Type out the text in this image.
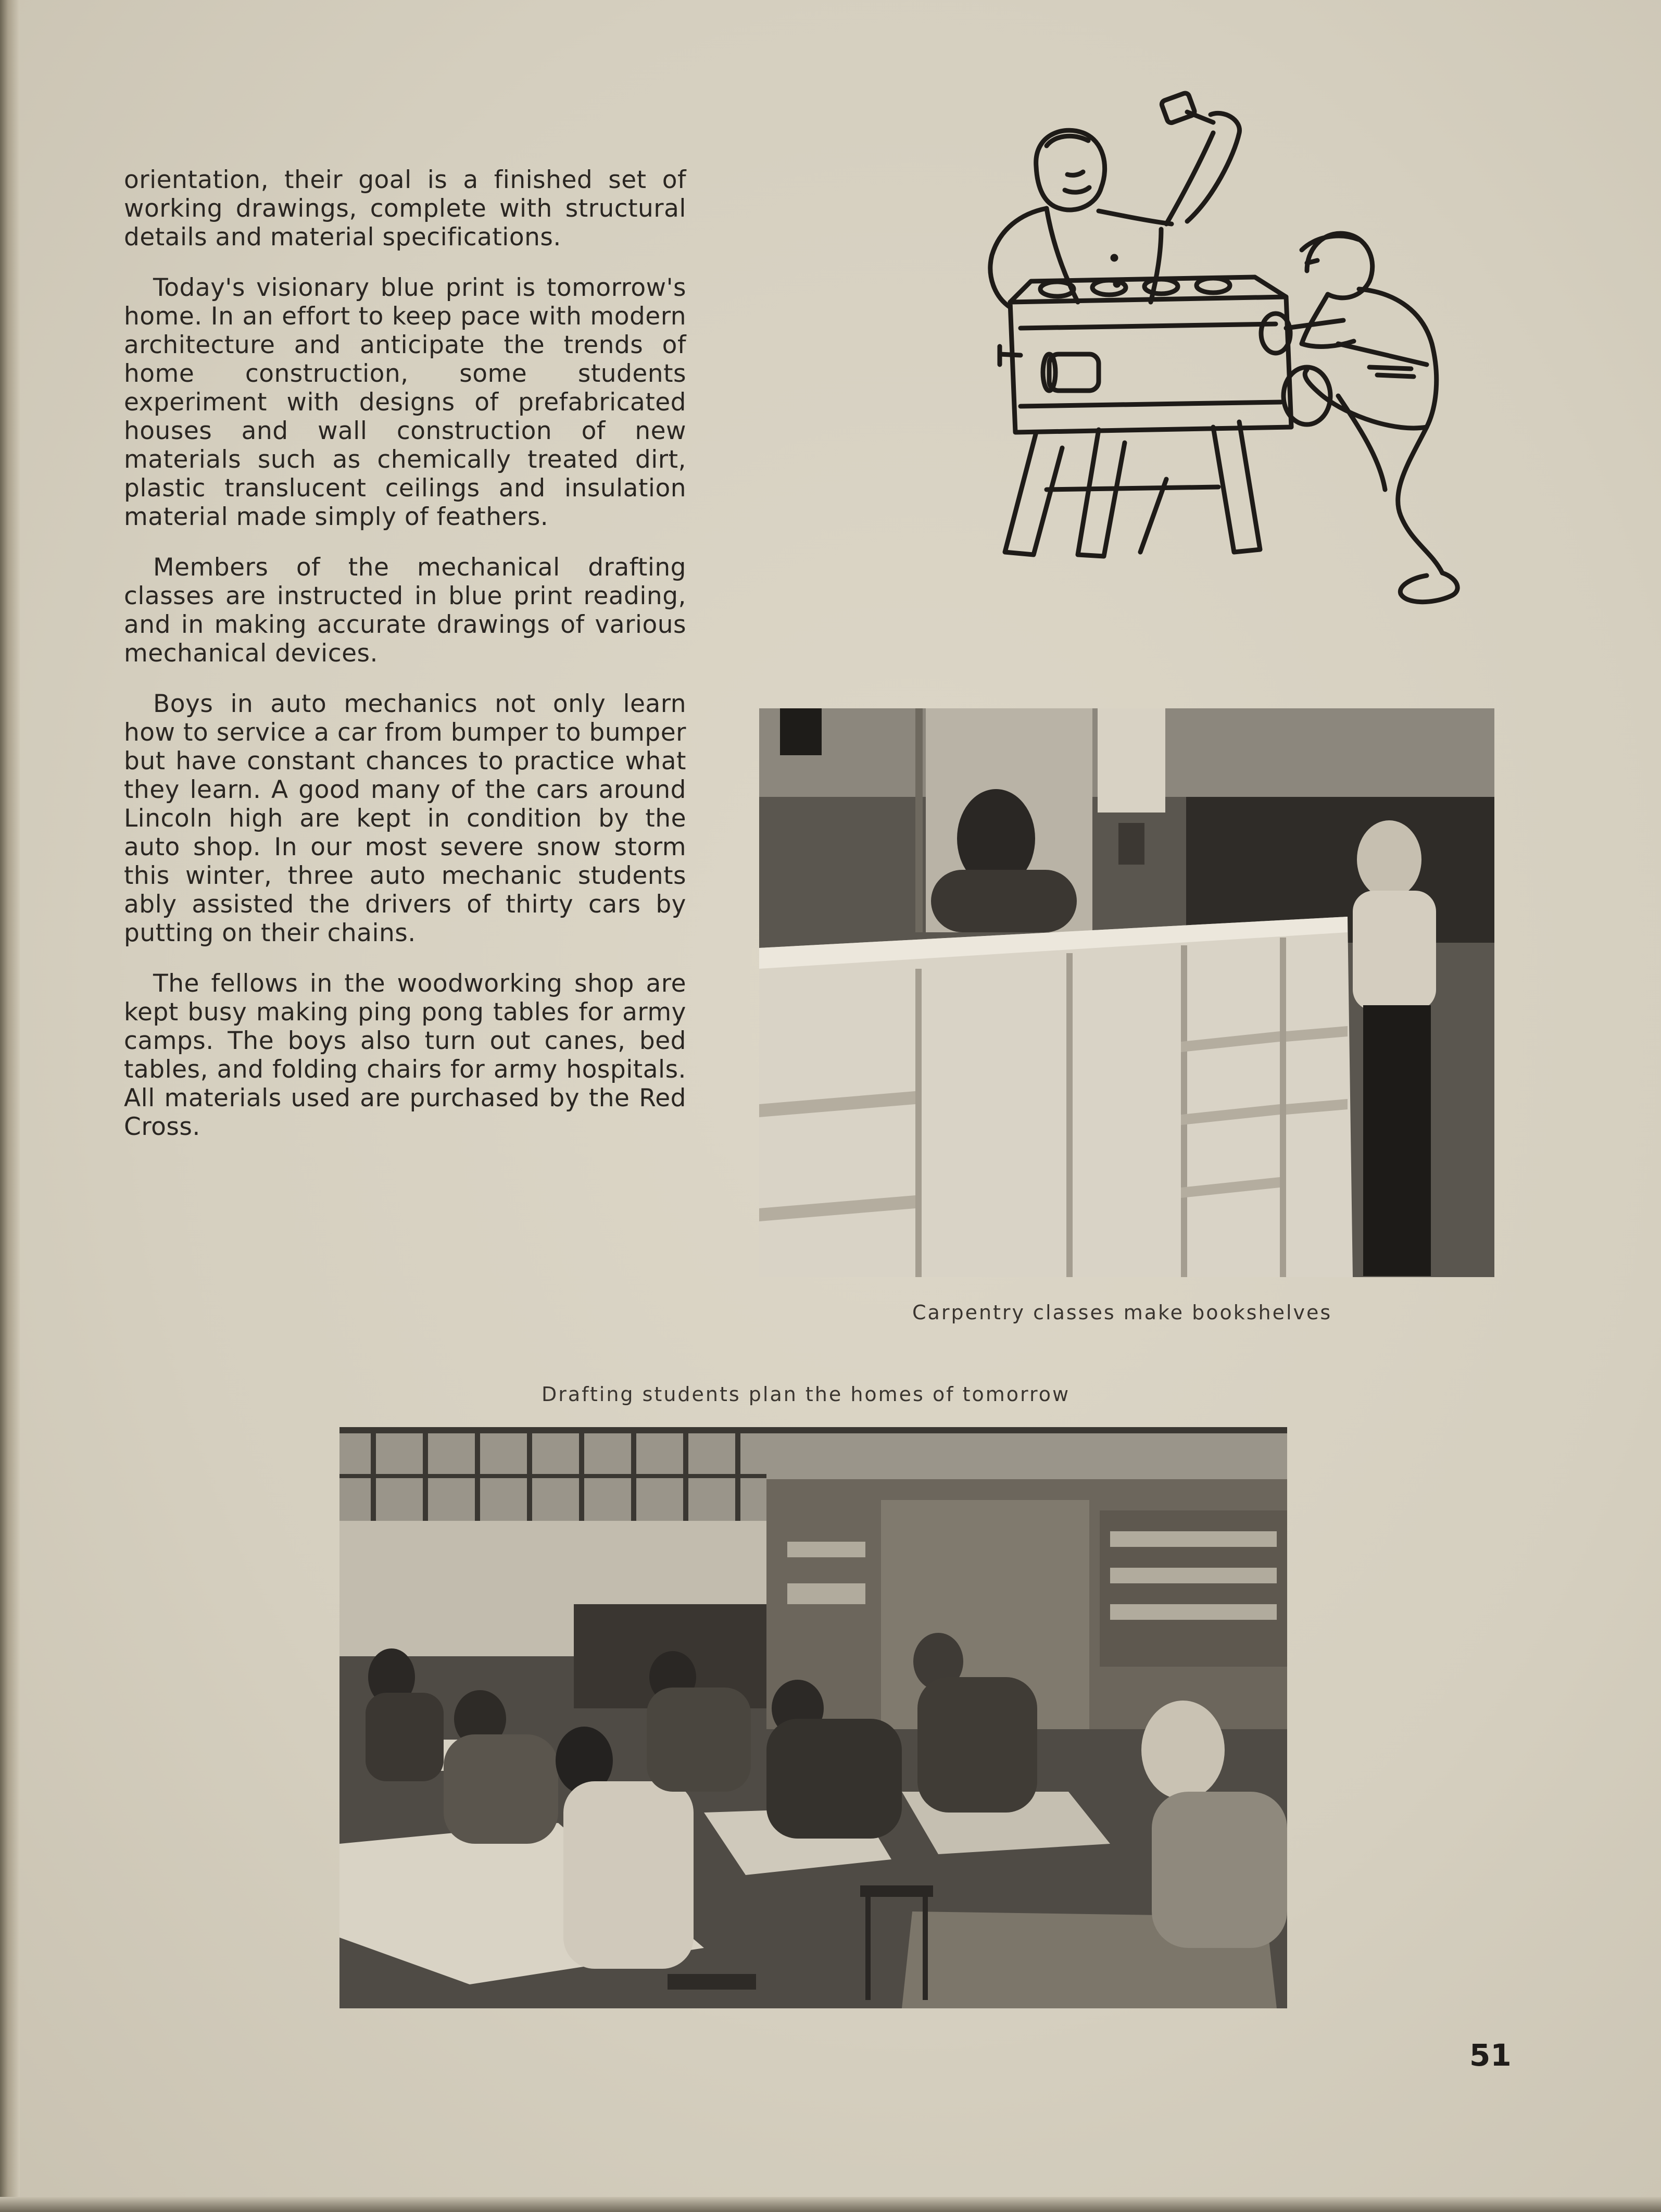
orientation, their goal is a finished set of working drawings, complete with structural details and material specifications.

Today's visionary blue print is tomorrow's home. In an effort to keep pace with modern architecture and anticipate the trends of home construction, some students experiment with designs of prefabricated houses and wall construction of new materials such as chemically treated dirt, plastic translucent ceilings and insulation material made simply of feathers.

Members of the mechanical drafting classes are instructed in blue print reading, and in making accurate drawings of various mechanical devices.

Boys in auto mechanics not only learn how to service a car from bumper to bumper but have constant chances to practice what they learn. A good many of the cars around Lincoln high are kept in condition by the auto shop. In our most severe snow storm this winter, three auto mechanic students ably assisted the drivers of thirty cars by putting on their chains.

The fellows in the woodworking shop are kept busy making ping pong tables for army camps. The boys also turn out canes, bed tables, and folding chairs for army hospitals. All materials used are purchased by the Red Cross.

Carpentry classes make bookshelves
Drafting students plan the homes of tomorrow
51
